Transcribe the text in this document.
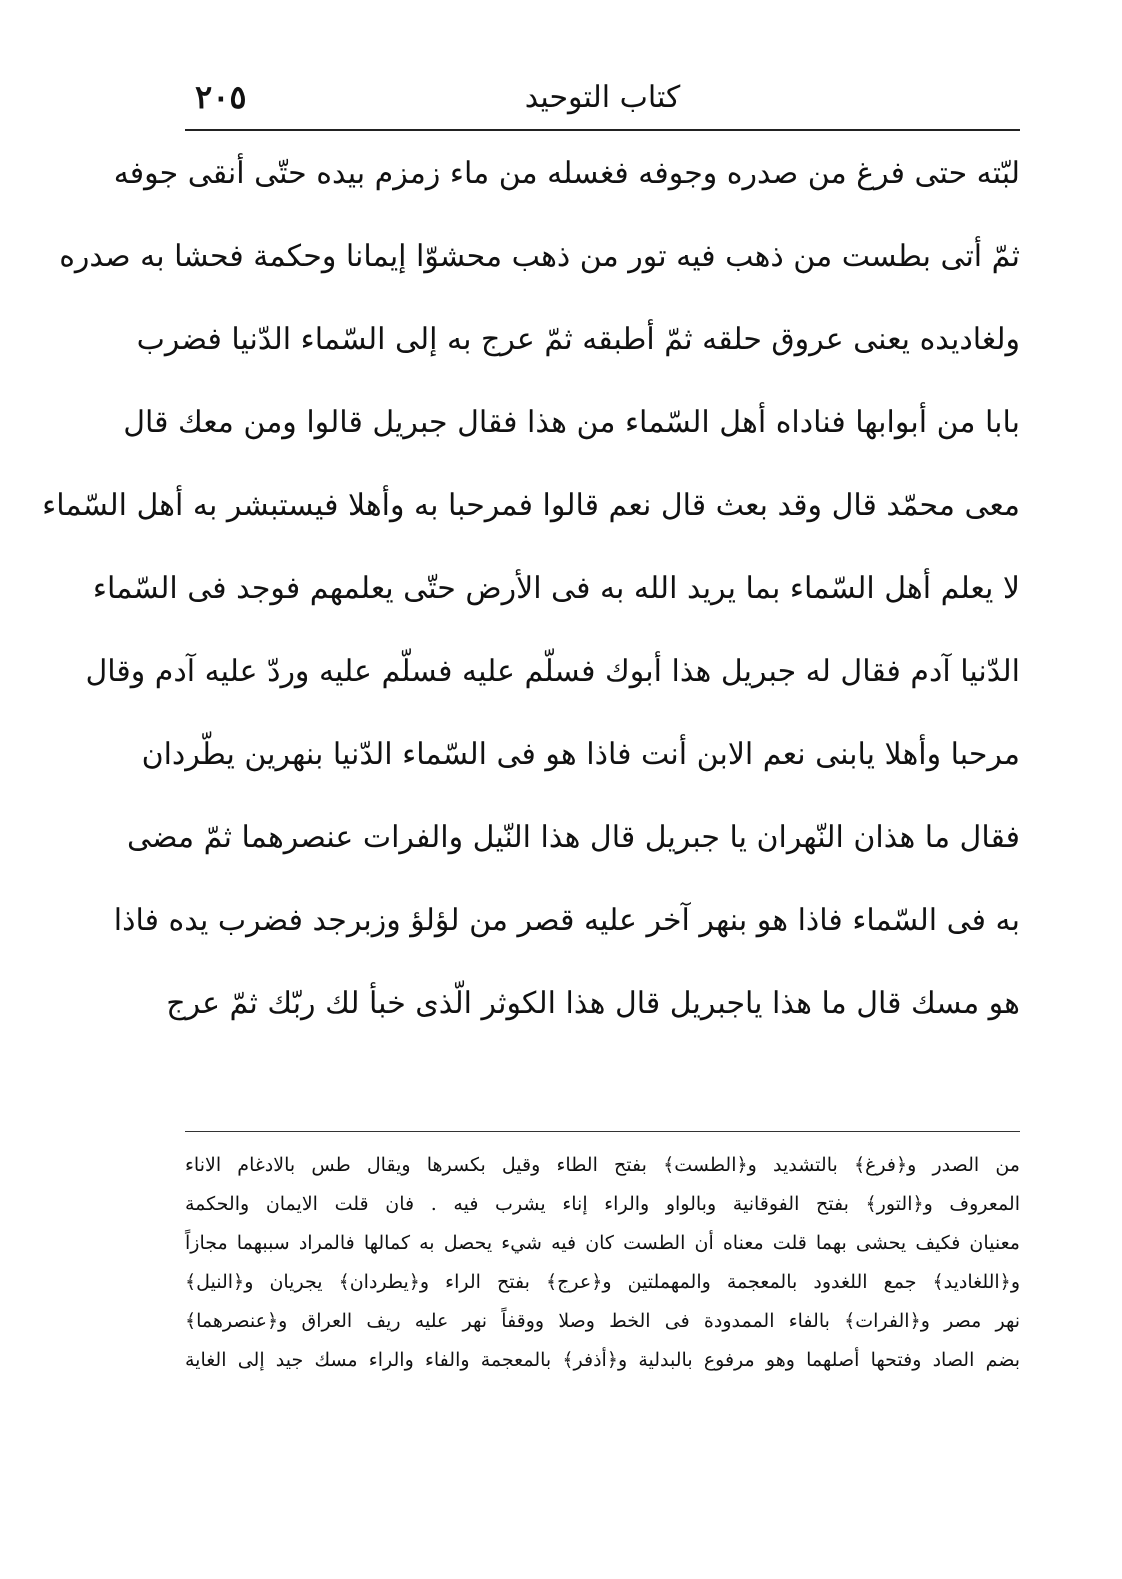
كتاب التوحيد
٢٠٥
لبّته حتى فرغ من صدره وجوفه فغسله من ماء زمزم بيده حتّى أنقى جوفه
ثمّ أتى بطست من ذهب فيه تور من ذهب محشوّا إيمانا وحكمة فحشا به صدره
ولغاديده يعنى عروق حلقه ثمّ أطبقه ثمّ عرج به إلى السّماء الدّنيا فضرب
بابا من أبوابها فناداه أهل السّماء من هذا فقال جبريل قالوا ومن معك قال
معى محمّد قال وقد بعث قال نعم قالوا فمرحبا به وأهلا فيستبشر به أهل السّماء
لا يعلم أهل السّماء بما يريد الله به فى الأرض حتّى يعلمهم فوجد فى السّماء
الدّنيا آدم فقال له جبريل هذا أبوك فسلّم عليه فسلّم عليه وردّ عليه آدم وقال
مرحبا وأهلا يابنى نعم الابن أنت فاذا هو فى السّماء الدّنيا بنهرين يطّردان
فقال ما هذان النّهران يا جبريل قال هذا النّيل والفرات عنصرهما ثمّ مضى
به فى السّماء فاذا هو بنهر آخر عليه قصر من لؤلؤ وزبرجد فضرب يده فاذا
هو مسك قال ما هذا ياجبريل قال هذا الكوثر الّذى خبأ لك ربّك ثمّ عرج
من الصدر و﴿فرغ﴾ بالتشديد و﴿الطست﴾ بفتح الطاء وقيل بكسرها ويقال طس بالادغام الاناء
المعروف و﴿التور﴾ بفتح الفوقانية وبالواو والراء إناء يشرب فيه . فان قلت الايمان والحكمة
معنيان فكيف يحشى بهما قلت معناه أن الطست كان فيه شيء يحصل به كمالها فالمراد سببهما مجازاً
و﴿اللغاديد﴾ جمع اللغدود بالمعجمة والمهملتين و﴿عرج﴾ بفتح الراء و﴿يطردان﴾ يجريان و﴿النيل﴾
نهر مصر و﴿الفرات﴾ بالفاء الممدودة فى الخط وصلا ووقفاً نهر عليه ريف العراق و﴿عنصرهما﴾
بضم الصاد وفتحها أصلهما وهو مرفوع بالبدلية و﴿أذفر﴾ بالمعجمة والفاء والراء مسك جيد إلى الغاية
